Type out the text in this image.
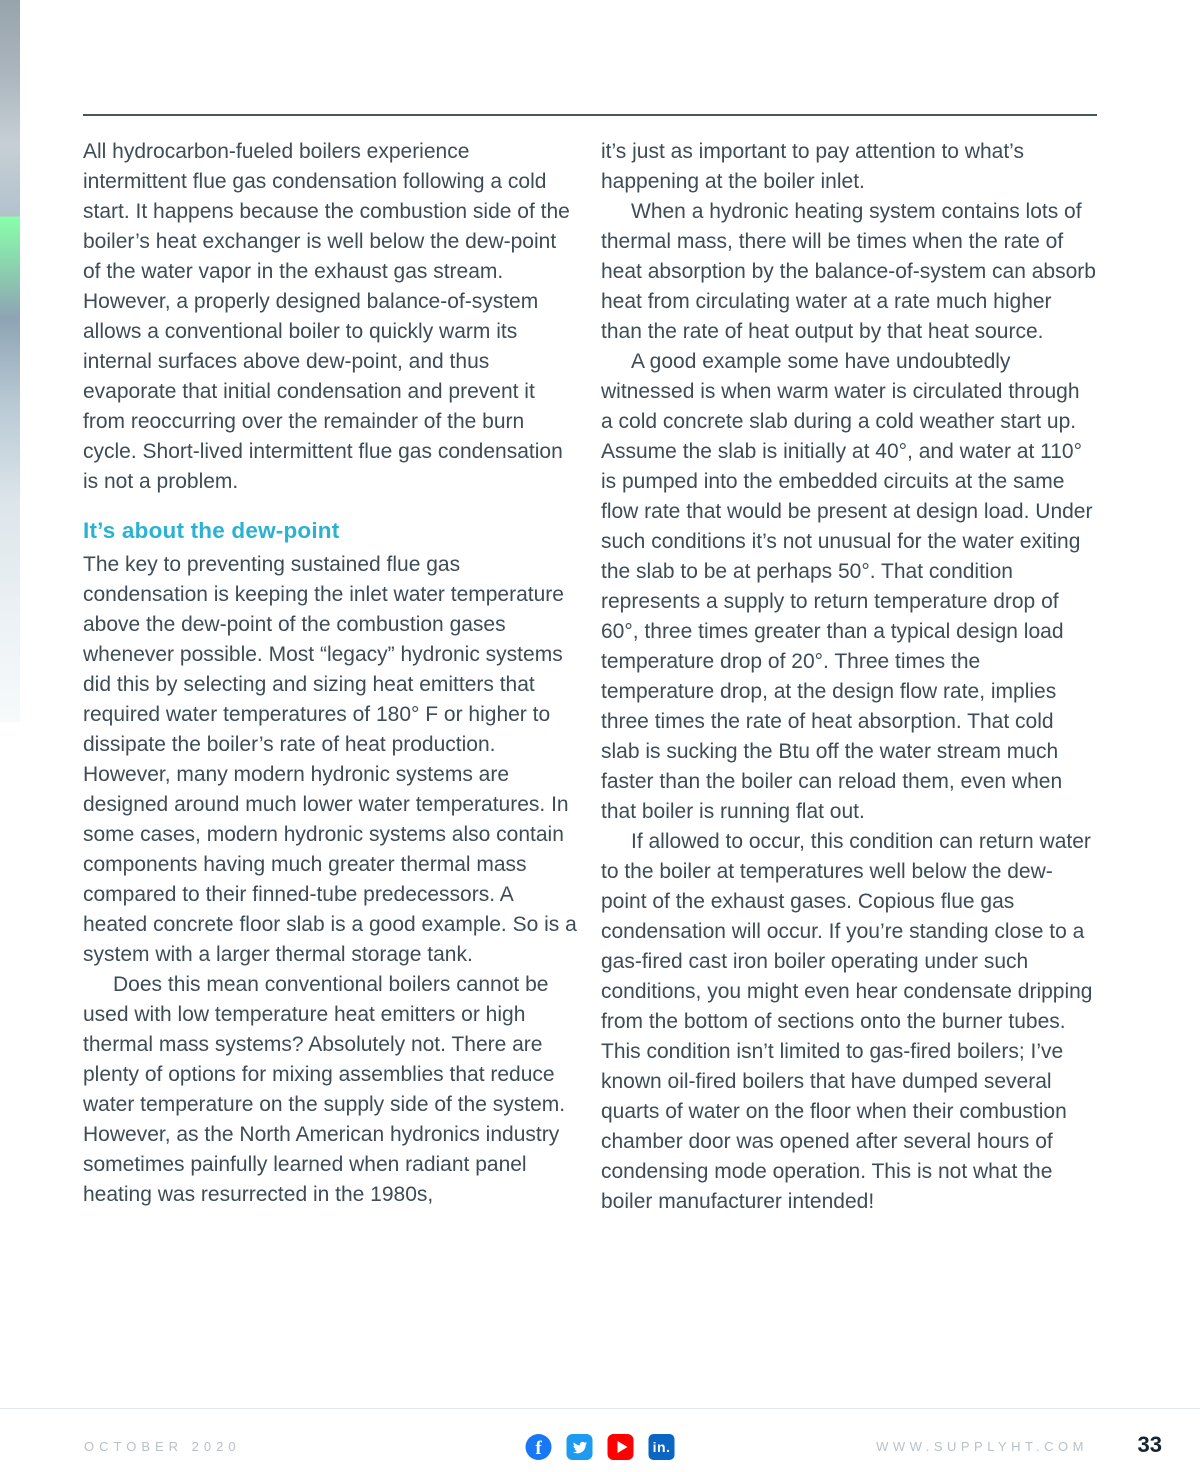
All hydrocarbon-fueled boilers experience intermittent flue gas condensation following a cold start. It happens because the combustion side of the boiler’s heat exchanger is well below the dew-point of the water vapor in the exhaust gas stream. However, a properly designed balance-of-system allows a conventional boiler to quickly warm its internal surfaces above dew-point, and thus evaporate that initial condensation and prevent it from reoccurring over the remainder of the burn cycle. Short-lived intermittent flue gas condensation is not a problem.

It’s about the dew-point

The key to preventing sustained flue gas condensation is keeping the inlet water temperature above the dew-point of the combustion gases whenever possible. Most “legacy” hydronic systems did this by selecting and sizing heat emitters that required water temperatures of 180° F or higher to dissipate the boiler’s rate of heat production. However, many modern hydronic systems are designed around much lower water temperatures. In some cases, modern hydronic systems also contain components having much greater thermal mass compared to their finned-tube predecessors. A heated concrete floor slab is a good example. So is a system with a larger thermal storage tank.

Does this mean conventional boilers cannot be used with low temperature heat emitters or high thermal mass systems? Absolutely not. There are plenty of options for mixing assemblies that reduce water temperature on the supply side of the system. However, as the North American hydronics industry sometimes painfully learned when radiant panel heating was resurrected in the 1980s,

it’s just as important to pay attention to what’s happening at the boiler inlet.

When a hydronic heating system contains lots of thermal mass, there will be times when the rate of heat absorption by the balance-of-system can absorb heat from circulating water at a rate much higher than the rate of heat output by that heat source.

A good example some have undoubtedly witnessed is when warm water is circulated through a cold concrete slab during a cold weather start up. Assume the slab is initially at 40°, and water at 110° is pumped into the embedded circuits at the same flow rate that would be present at design load. Under such conditions it’s not unusual for the water exiting the slab to be at perhaps 50°. That condition represents a supply to return temperature drop of 60°, three times greater than a typical design load temperature drop of 20°. Three times the temperature drop, at the design flow rate, implies three times the rate of heat absorption. That cold slab is sucking the Btu off the water stream much faster than the boiler can reload them, even when that boiler is running flat out.

If allowed to occur, this condition can return water to the boiler at temperatures well below the dew-point of the exhaust gases. Copious flue gas condensation will occur. If you’re standing close to a gas-fired cast iron boiler operating under such conditions, you might even hear condensate dripping from the bottom of sections onto the burner tubes. This condition isn’t limited to gas-fired boilers; I’ve known oil-fired boilers that have dumped several quarts of water on the floor when their combustion chamber door was opened after several hours of condensing mode operation. This is not what the boiler manufacturer intended!

OCTOBER 2020	f	in.	WWW.SUPPLYHT.COM 33
